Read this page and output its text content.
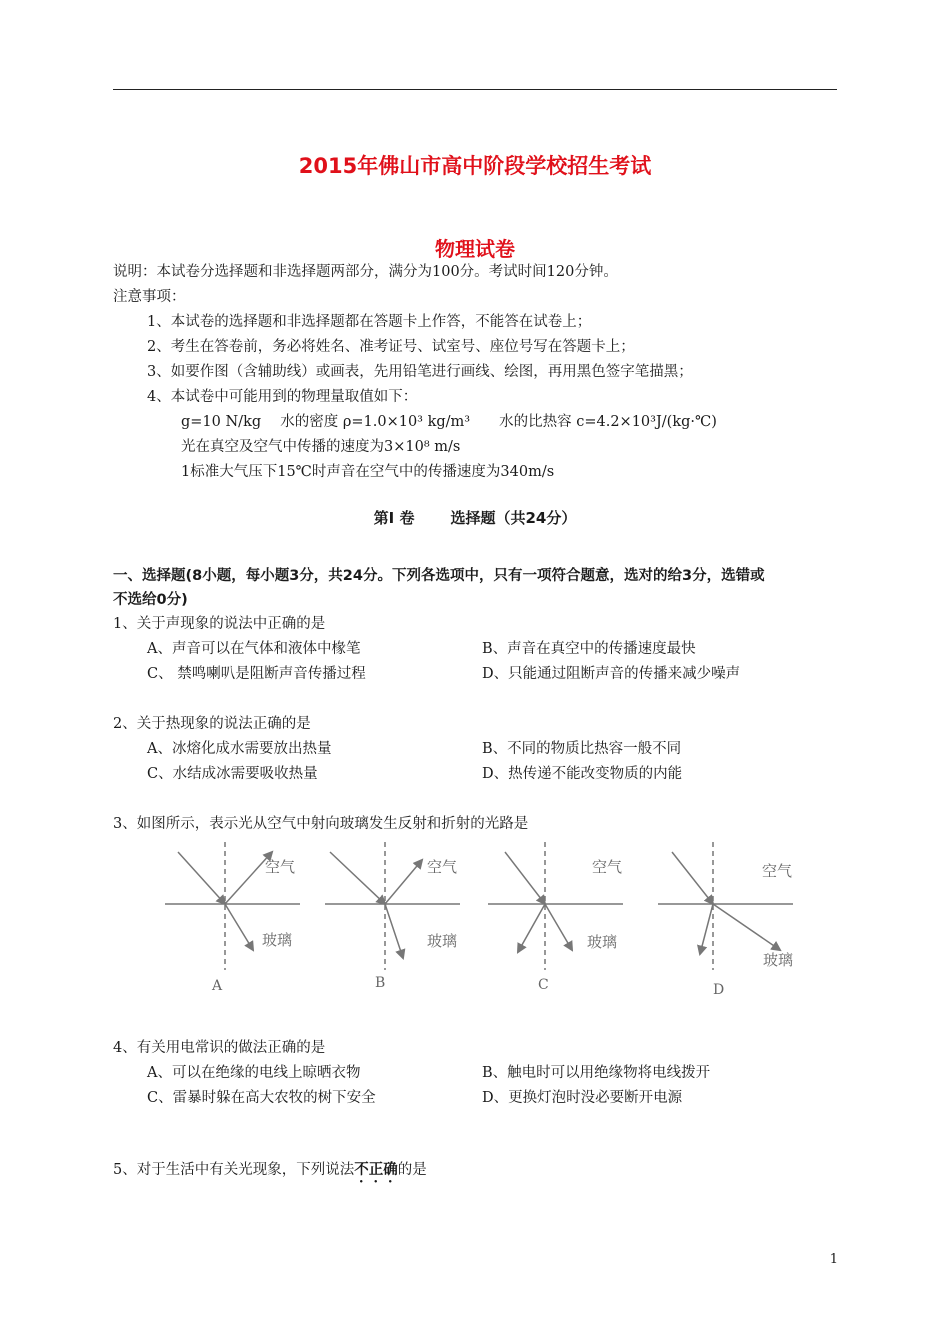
2015年佛山市高中阶段学校招生考试
物理试卷
说明：本试卷分选择题和非选择题两部分，满分为100分。考试时间120分钟。
注意事项：
1、本试卷的选择题和非选择题都在答题卡上作答，不能答在试卷上；
2、考生在答卷前，务必将姓名、准考证号、试室号、座位号写在答题卡上；
3、如要作图（含辅助线）或画表，先用铅笔进行画线、绘图，再用黑色签字笔描黑；
4、本试卷中可能用到的物理量取值如下：
g=10 N/kg　 水的密度 ρ=1.0×10³ kg/m³　　水的比热容 c=4.2×10³J/(kg·℃)
光在真空及空气中传播的速度为3×10⁸ m/s
1标准大气压下15℃时声音在空气中的传播速度为340m/s
第Ⅰ 卷 选择题（共24分）
一、选择题(8小题，每小题3分，共24分。下列各选项中，只有一项符合题意，选对的给3分，选错或
不选给0分)
1、关于声现象的说法中正确的是
A、声音可以在气体和液体中椽笔	B、声音在真空中的传播速度最快
C、 禁鸣喇叭是阻断声音传播过程	D、只能通过阻断声音的传播来减少噪声
2、关于热现象的说法正确的是
A、冰熔化成水需要放出热量	B、不同的物质比热容一般不同
C、水结成冰需要吸收热量	D、热传递不能改变物质的内能
3、如图所示，表示光从空气中射向玻璃发生反射和折射的光路是
空气
玻璃
空气
玻璃
空气
玻璃
空气
玻璃
A	B	C	D
4、有关用电常识的做法正确的是
A、可以在绝缘的电线上晾晒衣物	B、触电时可以用绝缘物将电线拨开
C、雷暴时躲在高大农牧的树下安全	D、更换灯泡时没必要断开电源
5、对于生活中有关光现象，下列说法不正确的是
1
